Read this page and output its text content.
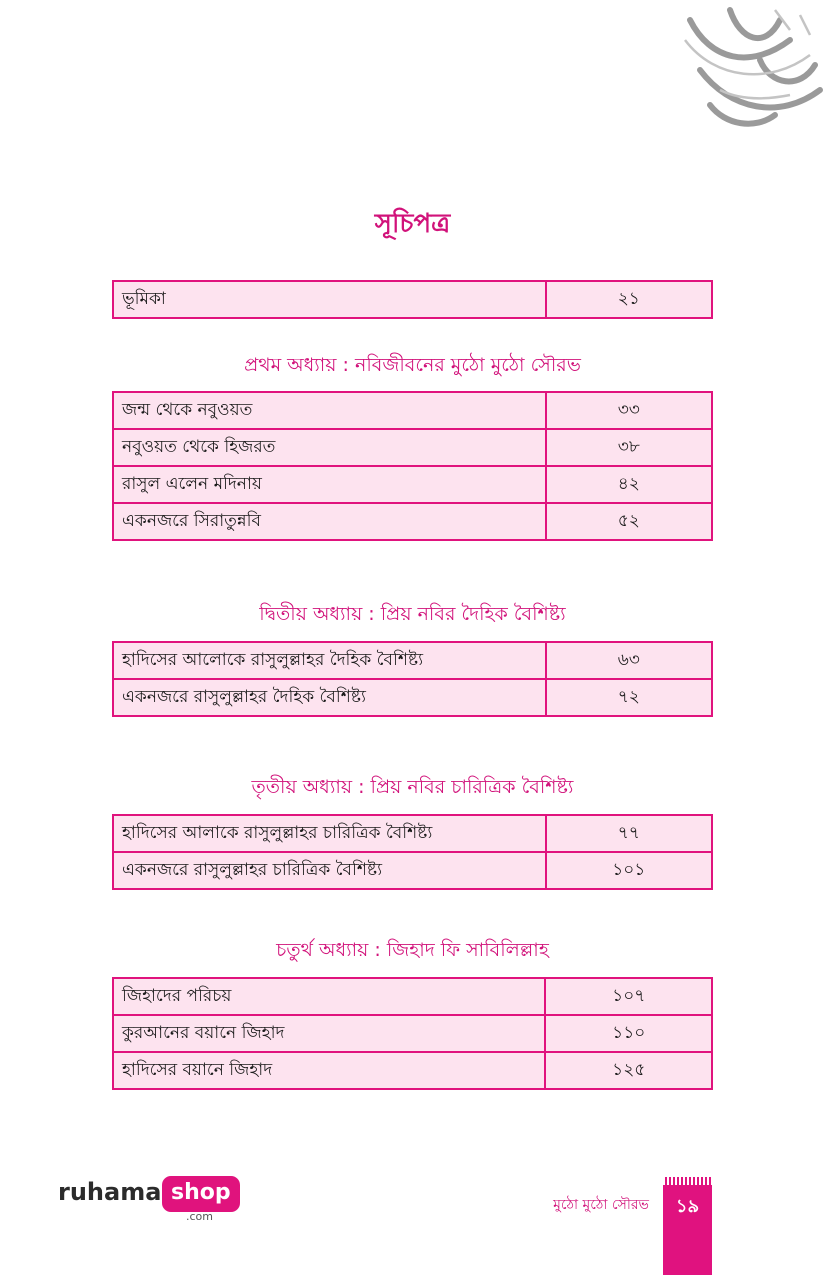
সূচিপত্র
ভূমিকা	২১
প্রথম অধ্যায় : নবিজীবনের মুঠো মুঠো সৌরভ
জন্ম থেকে নবুওয়ত	৩৩
নবুওয়ত থেকে হিজরত	৩৮
রাসুল এলেন মদিনায়	৪২
একনজরে সিরাতুন্নবি	৫২
দ্বিতীয় অধ্যায় : প্রিয় নবির দৈহিক বৈশিষ্ট্য
হাদিসের আলোকে রাসুলুল্লাহর দৈহিক বৈশিষ্ট্য	৬৩
একনজরে রাসুলুল্লাহর দৈহিক বৈশিষ্ট্য	৭২
তৃতীয় অধ্যায় : প্রিয় নবির চারিত্রিক বৈশিষ্ট্য
হাদিসের আলাকে রাসুলুল্লাহর চারিত্রিক বৈশিষ্ট্য	৭৭
একনজরে রাসুলুল্লাহর চারিত্রিক বৈশিষ্ট্য	১০১
চতুর্থ অধ্যায় : জিহাদ ফি সাবিলিল্লাহ
জিহাদের পরিচয়	১০৭
কুরআনের বয়ানে জিহাদ	১১০
হাদিসের বয়ানে জিহাদ	১২৫
ruhama shop
.com
মুঠো মুঠো সৌরভ	১৯
